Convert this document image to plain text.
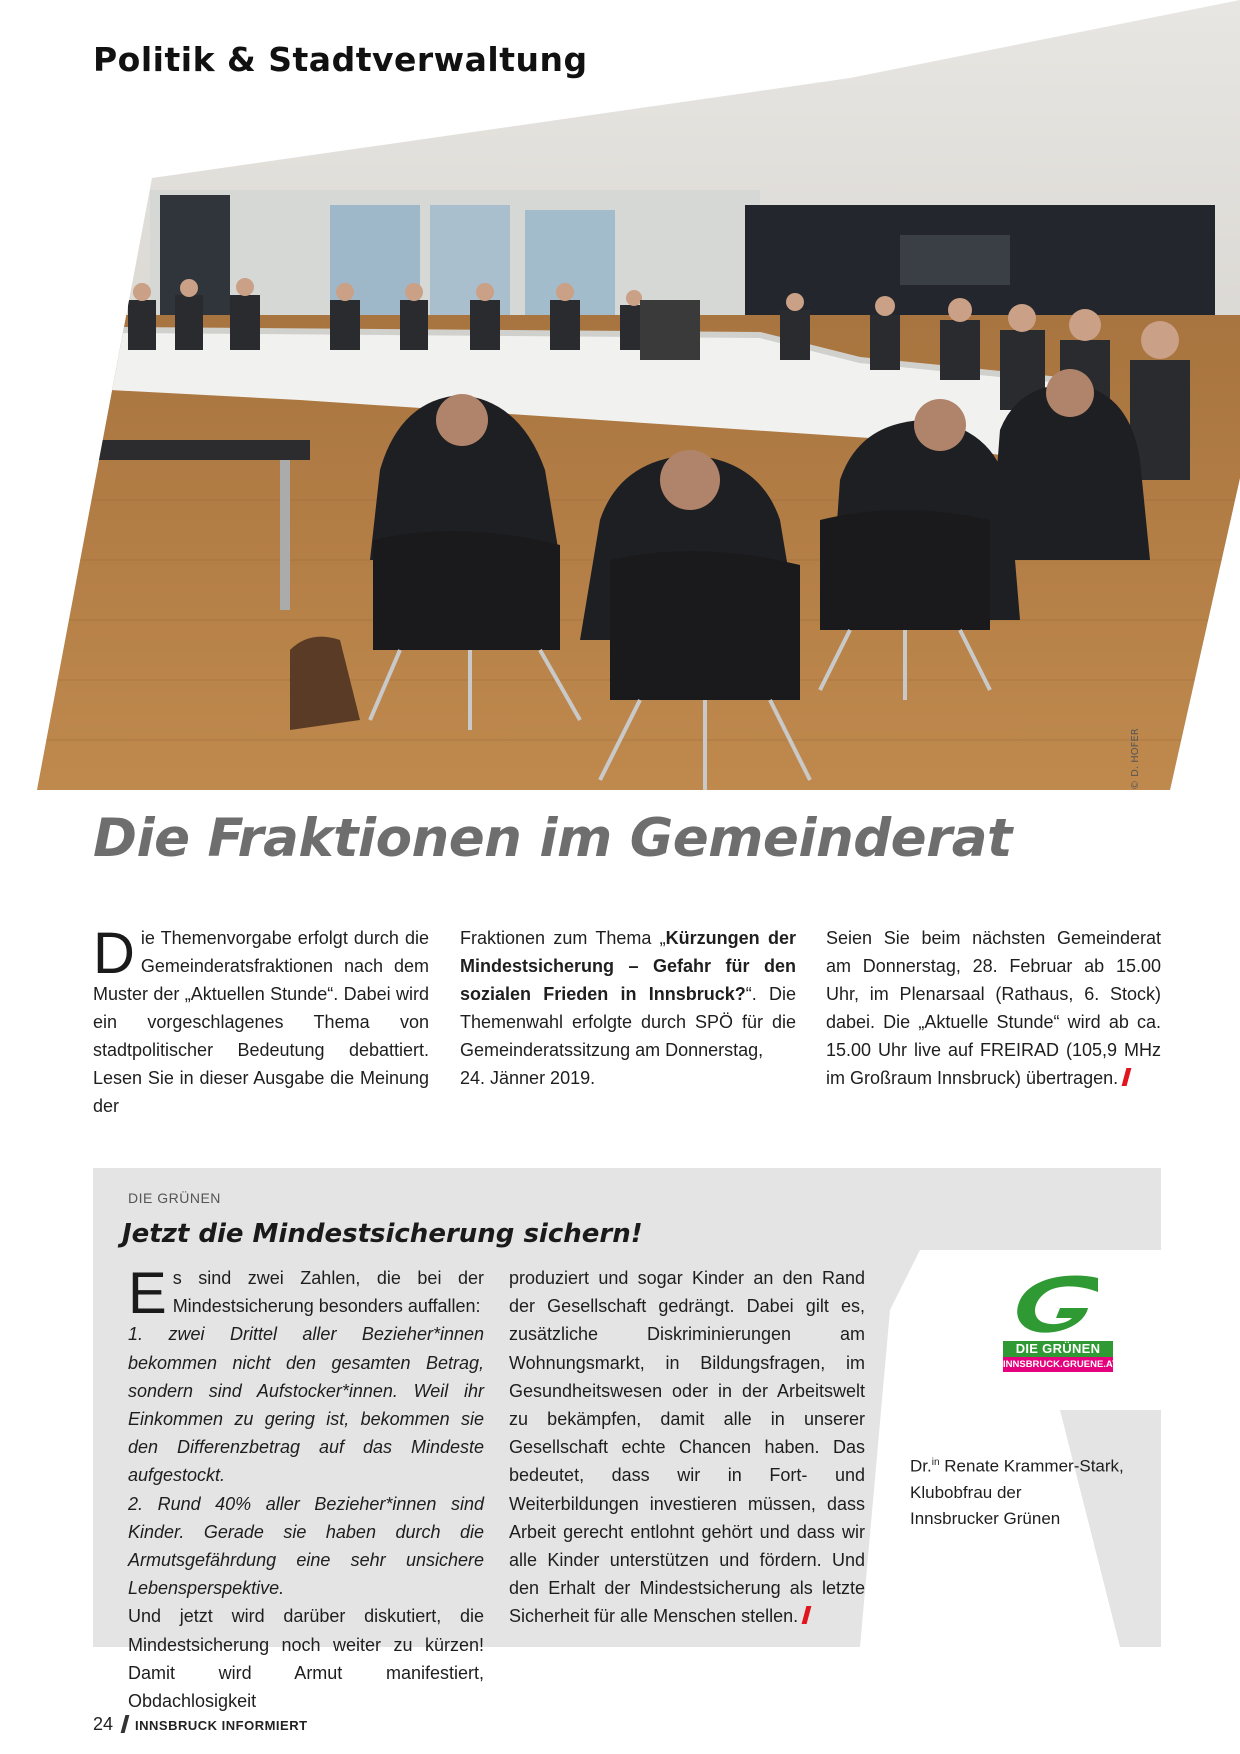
Politik & Stadtverwaltung
© D. HOFER
Die Fraktionen im Gemeinderat
Die Themenvorgabe erfolgt durch die Gemeinderatsfraktionen nach dem Muster der „Aktuellen Stunde“. Dabei wird ein vorgeschlagenes Thema von stadtpolitischer Bedeutung debattiert. Lesen Sie in dieser Ausgabe die Meinung der
Fraktionen zum Thema „Kürzungen der Mindestsicherung – Gefahr für den sozialen Frieden in Innsbruck?“. Die Themenwahl erfolgte durch SPÖ für die Gemeinderatssitzung am Donnerstag,
24. Jänner 2019.
Seien Sie beim nächsten Gemeinderat am Donnerstag, 28. Februar ab 15.00 Uhr, im Plenarsaal (Rathaus, 6. Stock) dabei. Die „Aktuelle Stunde“ wird ab ca. 15.00 Uhr live auf FREIRAD (105,9 MHz im Großraum Innsbruck) übertragen.
DIE GRÜNEN
Jetzt die Mindestsicherung sichern!
Es sind zwei Zahlen, die bei der Mindestsicherung besonders auffallen:
1. zwei Drittel aller Bezieher*innen bekommen nicht den gesamten Betrag, sondern sind Aufstocker*innen. Weil ihr Einkommen zu gering ist, bekommen sie den Differenzbetrag auf das Mindeste aufgestockt.
2. Rund 40% aller Bezieher*innen sind Kinder. Gerade sie haben durch die Armutsgefährdung eine sehr unsichere Lebensperspektive.
Und jetzt wird darüber diskutiert, die Mindestsicherung noch weiter zu kürzen! Damit wird Armut manifestiert, Obdachlosigkeit
produziert und sogar Kinder an den Rand der Gesellschaft gedrängt. Dabei gilt es, zusätzliche Diskriminierungen am Wohnungsmarkt, in Bildungsfragen, im Gesundheitswesen oder in der Arbeitswelt zu bekämpfen, damit alle in unserer Gesellschaft echte Chancen haben. Das bedeutet, dass wir in Fort- und Weiterbildungen investieren müssen, dass Arbeit gerecht entlohnt gehört und dass wir alle Kinder unterstützen und fördern. Und den Erhalt der Mindestsicherung als letzte Sicherheit für alle Menschen stellen.
DIE GRÜNEN
INNSBRUCK.GRUENE.AT
Dr.$^{in}$ Renate Krammer-Stark,
Klubobfrau der
Innsbrucker Grünen
24 INNSBRUCK INFORMIERT
